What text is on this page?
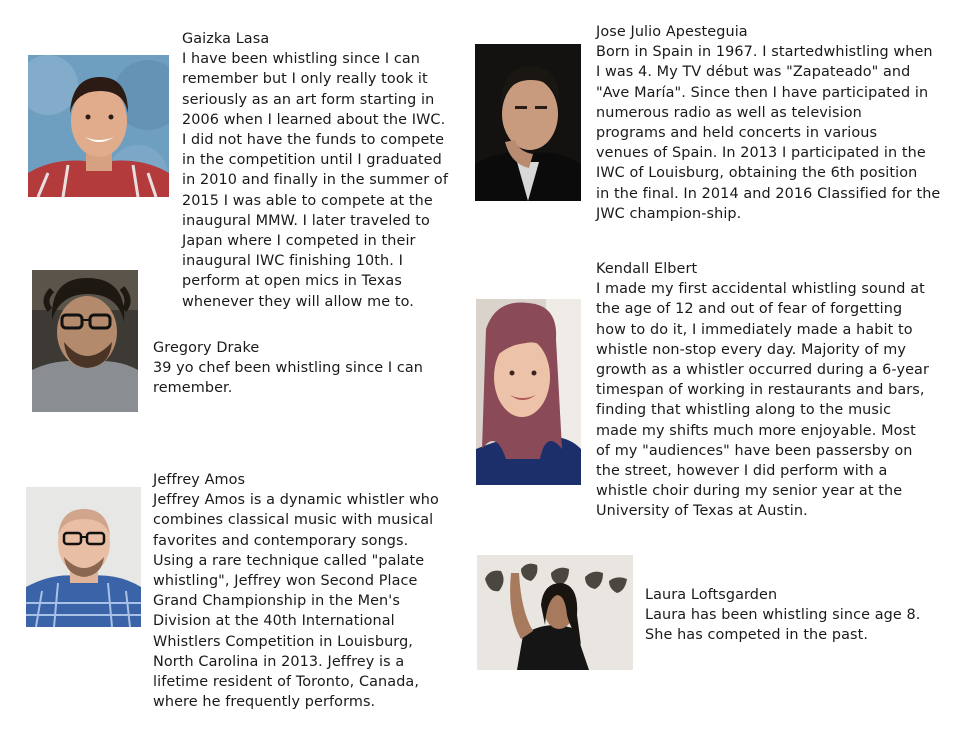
Gaizka Lasa
I have been whistling since I can
remember but I only really took it
seriously as an art form starting in
2006 when I learned about the IWC.
I did not have the funds to compete
in the competition until I graduated
in 2010 and finally in the summer of
2015 I was able to compete at the
inaugural MMW. I later traveled to
Japan where I competed in their
inaugural IWC finishing 10th. I
perform at open mics in Texas
whenever they will allow me to.
Gregory Drake
39 yo chef been whistling since I can
remember.
Jeffrey Amos
Jeffrey Amos is a dynamic whistler who
combines classical music with musical
favorites and contemporary songs.
Using a rare technique called "palate
whistling", Jeffrey won Second Place
Grand Championship in the Men's
Division at the 40th International
Whistlers Competition in Louisburg,
North Carolina in 2013. Jeffrey is a
lifetime resident of Toronto, Canada,
where he frequently performs.
Jose Julio Apesteguia
Born in Spain in 1967. I startedwhistling when
I was 4. My TV début was "Zapateado" and
"Ave María". Since then I have participated in
numerous radio as well as television
programs and held concerts in various
venues of Spain. In 2013 I participated in the
IWC of Louisburg, obtaining the 6th position
in the final. In 2014 and 2016 Classified for the
JWC champion-ship.
Kendall Elbert
I made my first accidental whistling sound at
the age of 12 and out of fear of forgetting
how to do it, I immediately made a habit to
whistle non-stop every day. Majority of my
growth as a whistler occurred during a 6-year
timespan of working in restaurants and bars,
finding that whistling along to the music
made my shifts much more enjoyable. Most
of my "audiences" have been passersby on
the street, however I did perform with a
whistle choir during my senior year at the
University of Texas at Austin.
Laura Loftsgarden
Laura has been whistling since age 8.
She has competed in the past.
